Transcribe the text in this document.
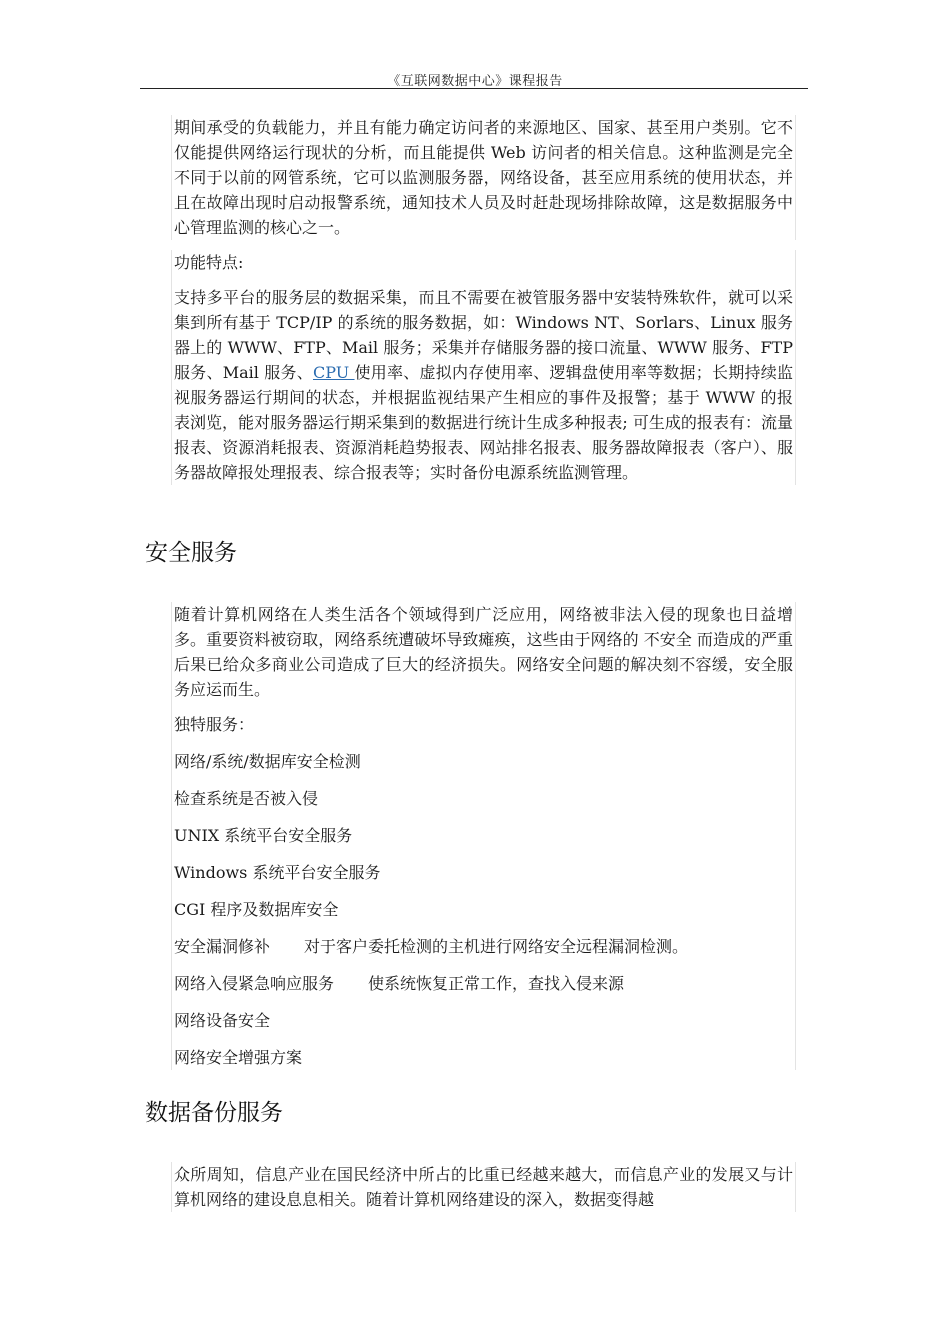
《互联网数据中心》课程报告

期间承受的负载能力，并且有能力确定访问者的来源地区、国家、甚至用户类别。它不仅能提供网络运行现状的分析，而且能提供 Web 访问者的相关信息。这种监测是完全不同于以前的网管系统，它可以监测服务器，网络设备，甚至应用系统的使用状态，并且在故障出现时启动报警系统，通知技术人员及时赶赴现场排除故障，这是数据服务中心管理监测的核心之一。

功能特点:

支持多平台的服务层的数据采集，而且不需要在被管服务器中安装特殊软件，就可以采集到所有基于 TCP/IP 的系统的服务数据，如：Windows NT、Sorlars、Linux 服务器上的 WWW、FTP、Mail 服务；采集并存储服务器的接口流量、WWW 服务、FTP 服务、Mail 服务、CPU 使用率、虚拟内存使用率、逻辑盘使用率等数据；长期持续监视服务器运行期间的状态，并根据监视结果产生相应的事件及报警；基于 WWW 的报表浏览，能对服务器运行期采集到的数据进行统计生成多种报表; 可生成的报表有：流量报表、资源消耗报表、资源消耗趋势报表、网站排名报表、服务器故障报表（客户）、服务器故障报处理报表、综合报表等；实时备份电源系统监测管理。

安全服务

随着计算机网络在人类生活各个领域得到广泛应用，网络被非法入侵的现象也日益增多。重要资料被窃取，网络系统遭破坏导致瘫痪，这些由于网络的 不安全 而造成的严重后果已给众多商业公司造成了巨大的经济损失。网络安全问题的解决刻不容缓，安全服务应运而生。

独特服务：

网络/系统/数据库安全检测

检查系统是否被入侵

UNIX 系统平台安全服务

Windows 系统平台安全服务

CGI 程序及数据库安全

安全漏洞修补 对于客户委托检测的主机进行网络安全远程漏洞检测。

网络入侵紧急响应服务 使系统恢复正常工作，查找入侵来源

网络设备安全

网络安全增强方案

数据备份服务

众所周知，信息产业在国民经济中所占的比重已经越来越大，而信息产业的发展又与计算机网络的建设息息相关。随着计算机网络建设的深入，数据变得越
